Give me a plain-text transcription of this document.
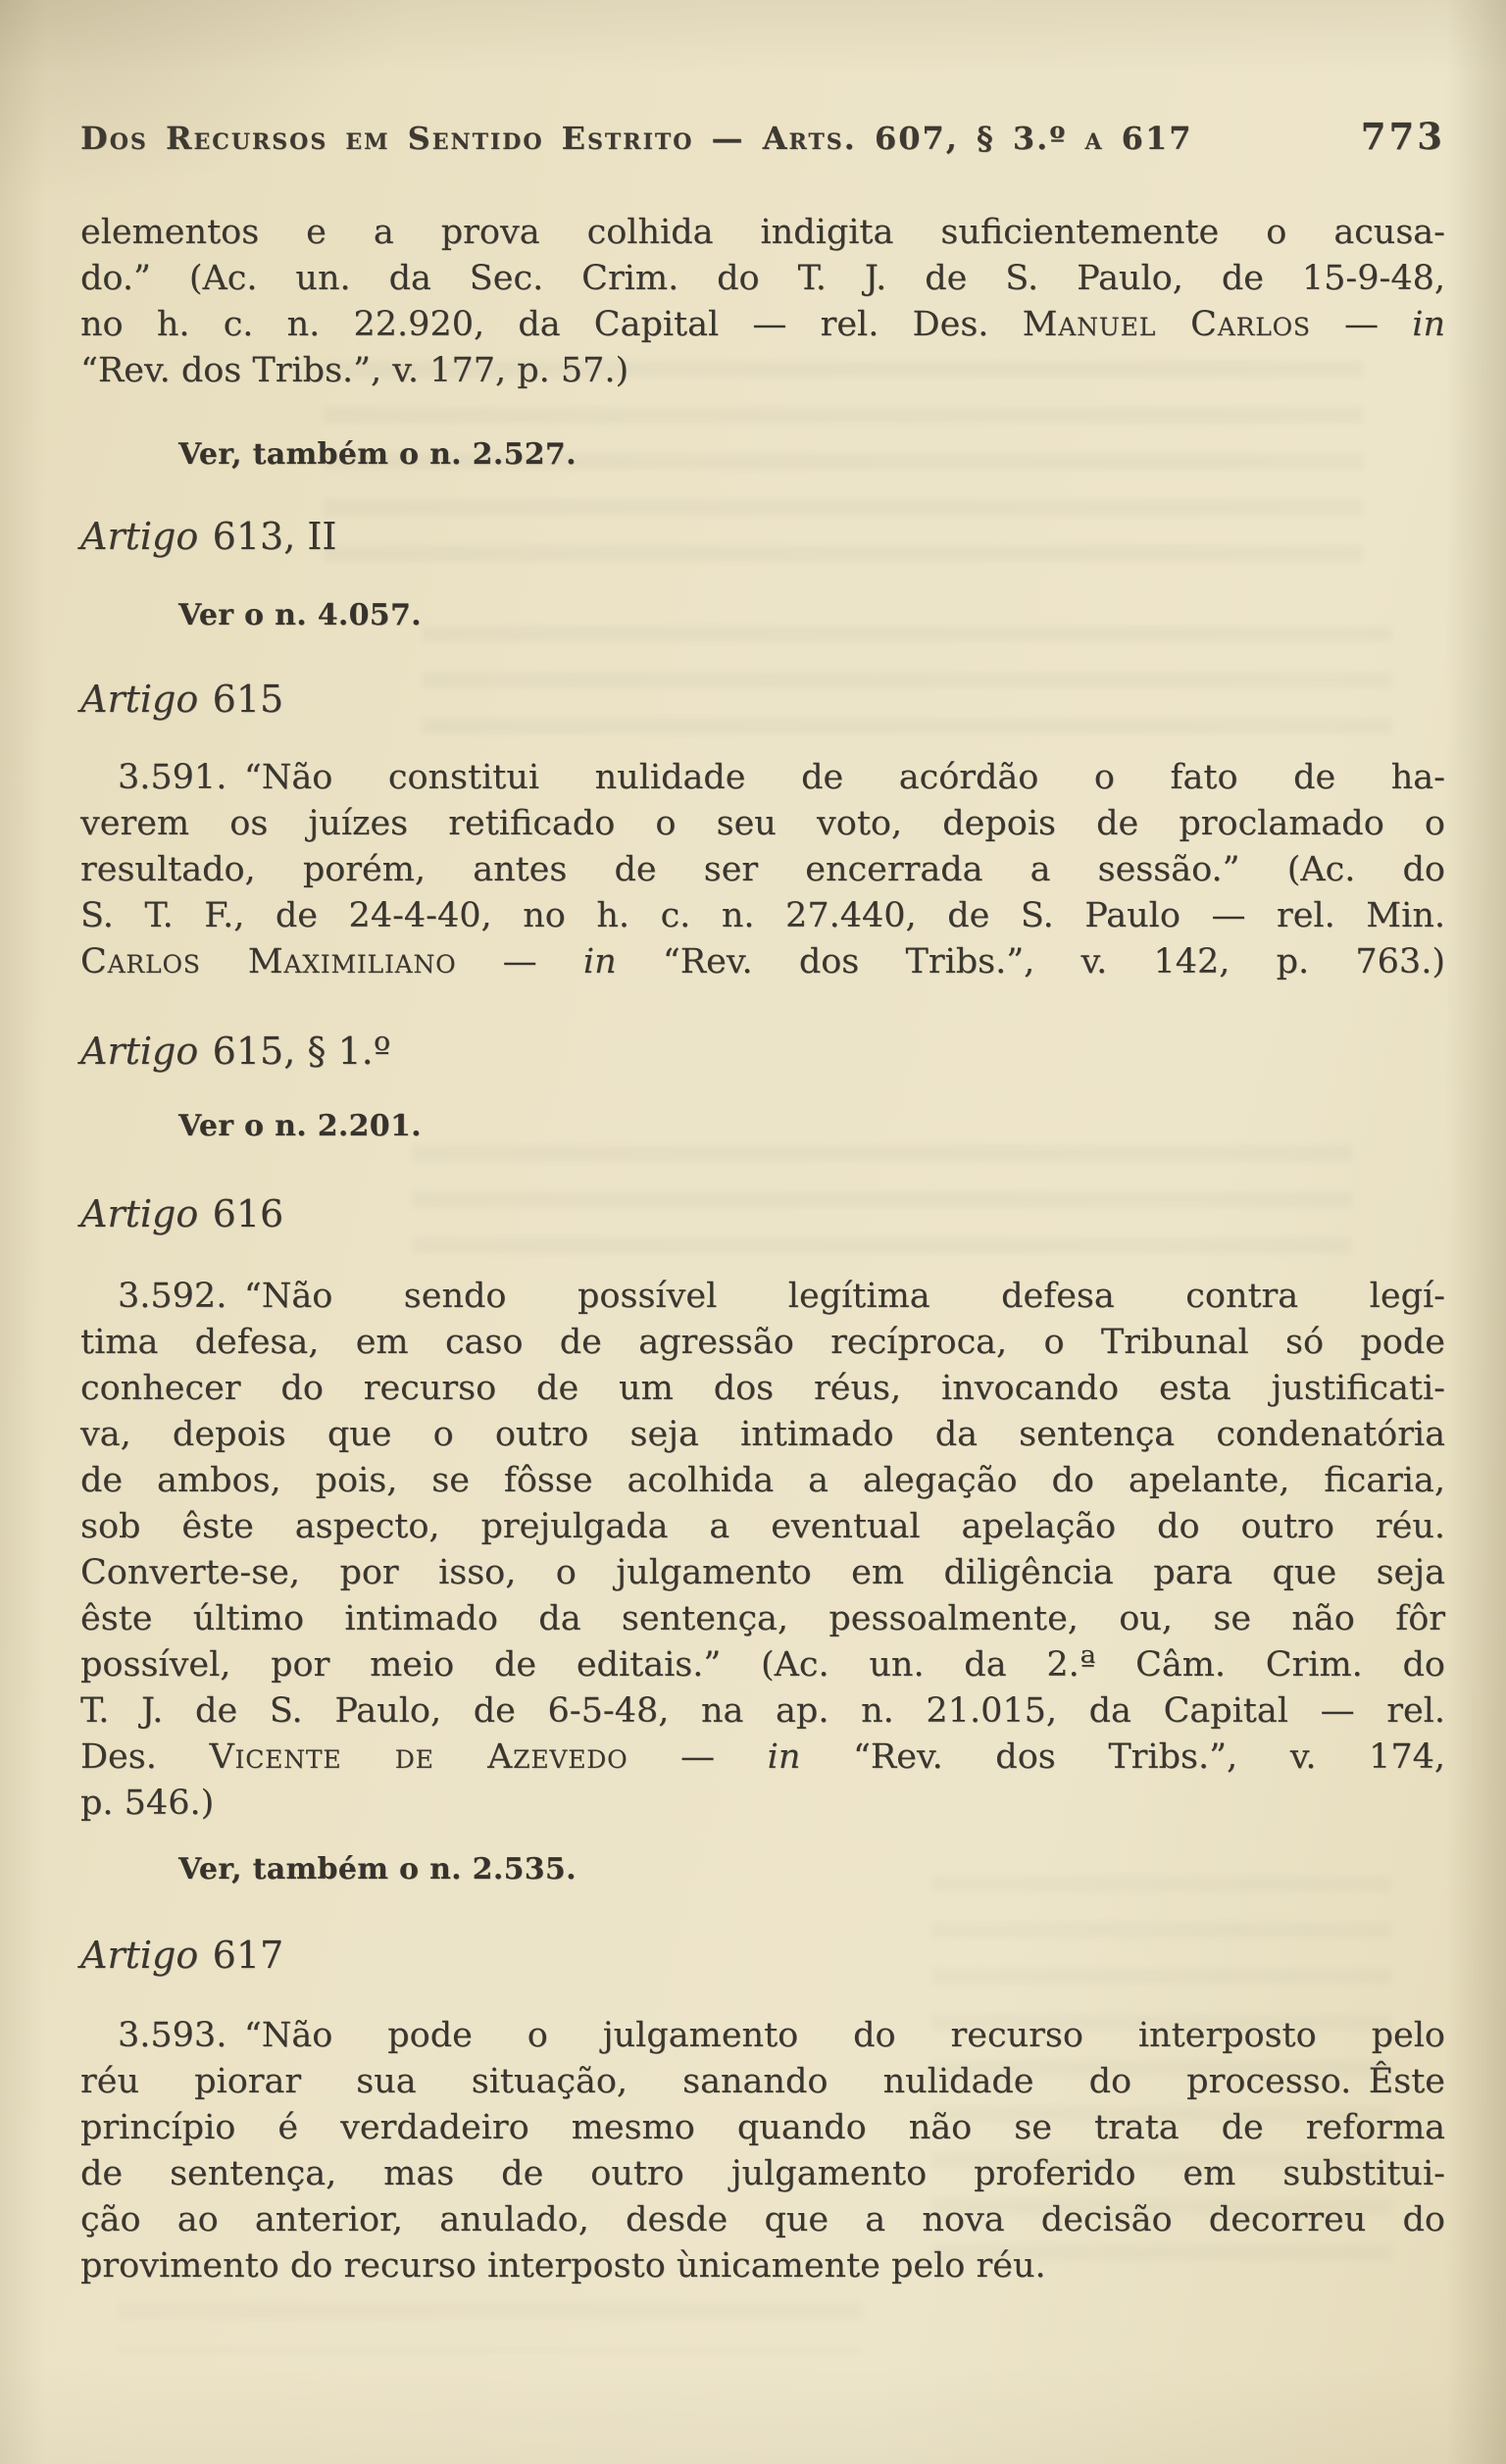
Dos Recursos em Sentido Estrito — Arts. 607, § 3.º a 617	773
elementos e a prova colhida indigita suficientemente o acusa-
do.” (Ac. un. da Sec. Crim. do T. J. de S. Paulo, de 15-9-48,
no h. c. n. 22.920, da Capital — rel. Des. Manuel Carlos — in
“Rev. dos Tribs.”, v. 177, p. 57.)

Ver, também o n. 2.527.

Artigo 613, II

Ver o n. 4.057.

Artigo 615
3.591. “Não constitui nulidade de acórdão o fato de ha-
verem os juízes retificado o seu voto, depois de proclamado o
resultado, porém, antes de ser encerrada a sessão.” (Ac. do
S. T. F., de 24-4-40, no h. c. n. 27.440, de S. Paulo — rel. Min.
Carlos Maximiliano — in “Rev. dos Tribs.”, v. 142, p. 763.)
Artigo 615, § 1.º

Ver o n. 2.201.

Artigo 616
3.592. “Não sendo possível legítima defesa contra legí-
tima defesa, em caso de agressão recíproca, o Tribunal só pode
conhecer do recurso de um dos réus, invocando esta justificati-
va, depois que o outro seja intimado da sentença condenatória
de ambos, pois, se fôsse acolhida a alegação do apelante, ficaria,
sob êste aspecto, prejulgada a eventual apelação do outro réu.
Converte-se, por isso, o julgamento em diligência para que seja
êste último intimado da sentença, pessoalmente, ou, se não fôr
possível, por meio de editais.” (Ac. un. da 2.ª Câm. Crim. do
T. J. de S. Paulo, de 6-5-48, na ap. n. 21.015, da Capital — rel.
Des. Vicente de Azevedo — in “Rev. dos Tribs.”, v. 174,
p. 546.)

Ver, também o n. 2.535.

Artigo 617
3.593. “Não pode o julgamento do recurso interposto pelo
réu piorar sua situação, sanando nulidade do processo. Êste
princípio é verdadeiro mesmo quando não se trata de reforma
de sentença, mas de outro julgamento proferido em substitui-
ção ao anterior, anulado, desde que a nova decisão decorreu do
provimento do recurso interposto ùnicamente pelo réu.
